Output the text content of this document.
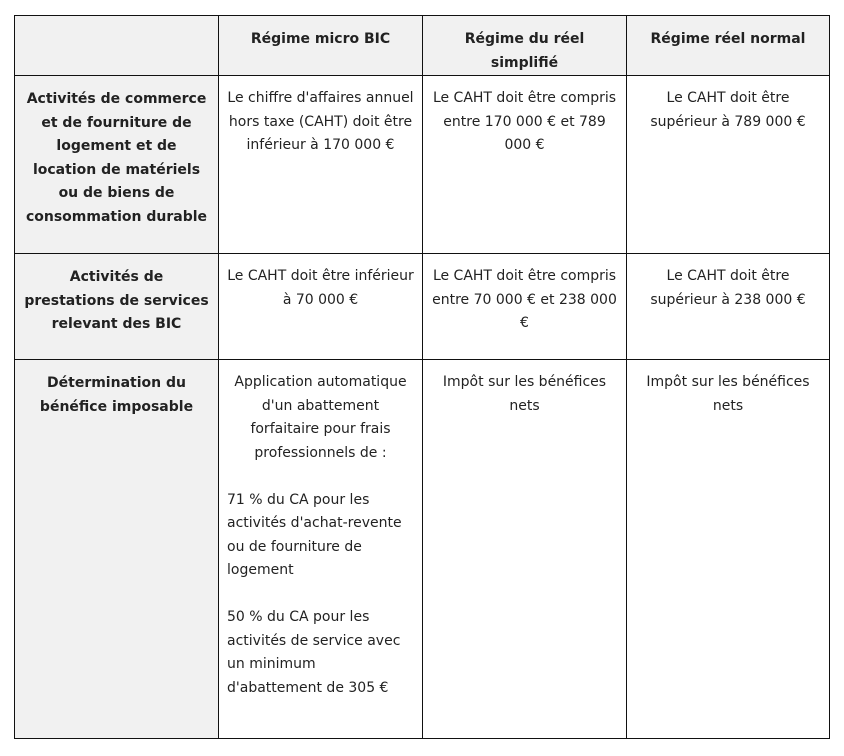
	Régime micro BIC	Régime du réel simplifié	Régime réel normal
Activités de commerce et de fourniture de logement et de location de matériels ou de biens de consommation durable	Le chiffre d'affaires annuel hors taxe (CAHT) doit être inférieur à 170 000 €	Le CAHT doit être compris entre 170 000 € et 789 000 €	Le CAHT doit être supérieur à 789 000 €
Activités de prestations de services relevant des BIC	Le CAHT doit être inférieur à 70 000 €	Le CAHT doit être compris entre 70 000 € et 238 000 €	Le CAHT doit être supérieur à 238 000 €
Détermination du bénéfice imposable	Application automatique d'un abattement forfaitaire pour frais professionnels de :
71 % du CA pour les activités d'achat-revente ou de fourniture de logement
50 % du CA pour les activités de service avec un minimum d'abattement de 305 €	Impôt sur les bénéfices nets	Impôt sur les bénéfices nets
